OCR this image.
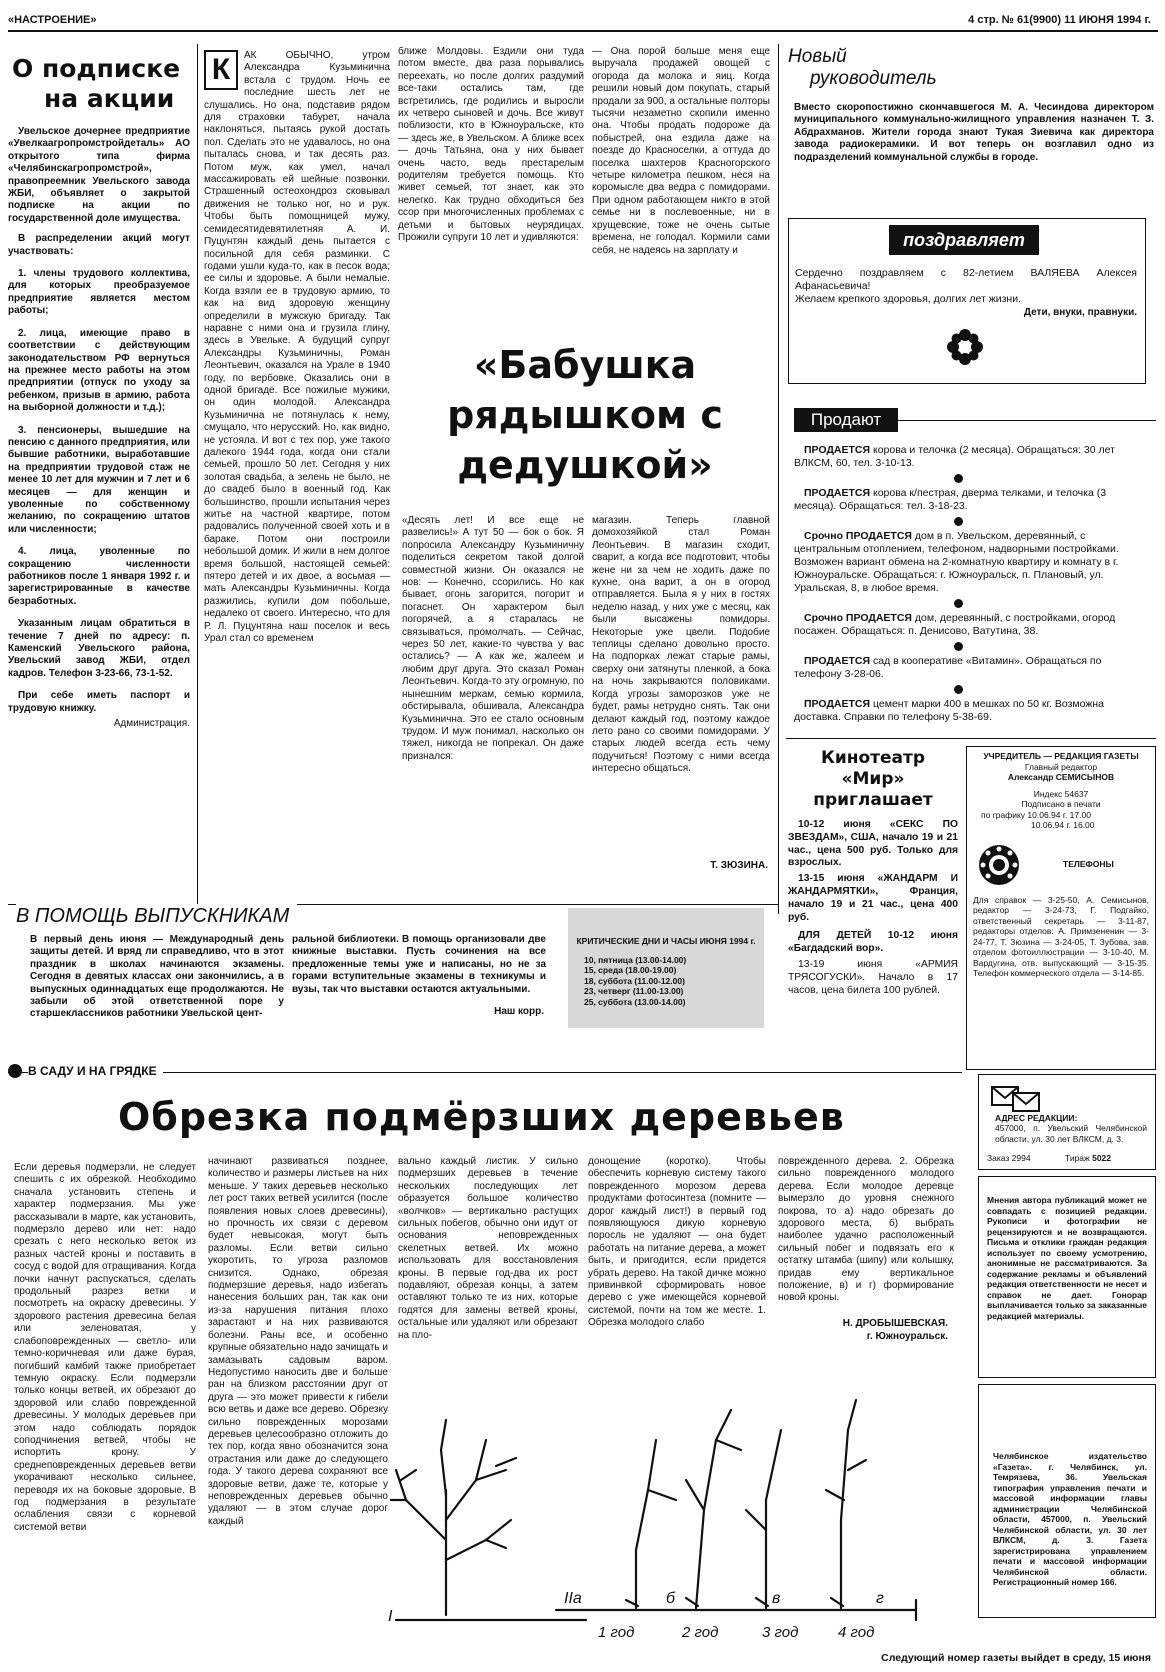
«НАСТРОЕНИЕ»	4 стр. № 61(9900) 11 ИЮНЯ 1994 г.
О подписке
на акции

Увельское дочернее предприятие «Увелкаагропромстройдеталь» АО открытого типа фирма «Челябинскагропромстрой», правопреемник Увельского завода ЖБИ, объявляет о закрытой подписке на акции по государственной доле имущества.

В распределении акций могут участвовать:

1. члены трудового коллектива, для которых преобразуемое предприятие является местом работы;

2. лица, имеющие право в соответствии с действующим законодательством РФ вернуться на прежнее место работы на этом предприятии (отпуск по уходу за ребенком, призыв в армию, работа на выборной должности и т.д.);

3. пенсионеры, вышедшие на пенсию с данного предприятия, или бывшие работники, выработавшие на предприятии трудовой стаж не менее 10 лет для мужчин и 7 лет и 6 месяцев — для женщин и уволенные по собственному желанию, по сокращению штатов или численности;

4. лица, уволенные по сокращению численности работников после 1 января 1992 г. и зарегистрированные в качестве безработных.

Указанным лицам обратиться в течение 7 дней по адресу: п. Каменский Увельского района, Увельский завод ЖБИ, отдел кадров. Телефон 3-23-66, 73-1-52.

При себе иметь паспорт и трудовую книжку.

Администрация.
К	АК ОБЫЧНО, утром Александра Кузьминична встала с трудом. Ночь ее последние шесть лет не слушались. Но она, подставив рядом для страховки табурет, начала наклоняться, пытаясь рукой достать пол. Сделать это не удавалось, но она пыталась снова, и так десять раз. Потом муж, как умел, начал массажировать ей шейные позвонки. Страшенный остеохондроз сковывал движения не только ног, но и рук. Чтобы быть помощницей мужу, семидесятидевятилетняя А. И. Пуцунтян каждый день пытается с посильной для себя разминки. С годами ушли куда-то, как в песок вода; ее силы и здоровье. А были немалые. Когда взяли ее в трудовую армию, то как на вид здоровую женщину определили в мужскую бригаду. Так наравне с ними она и грузила глину, здесь в Увельке. А будущий супруг Александры Кузьминичны, Роман Леонтьевич, оказался на Урале в 1940 году, по вербовке. Оказались они в одной бригаде. Все пожилые мужики, он один молодой. Александра Кузьминична не потянулась к нему, смущало, что нерусский. Но, как видно, не устояла. И вот с тех пор, уже такого далекого 1944 года, когда они стали семьей, прошло 50 лет. Сегодня у них золотая свадьба, а зелень не было, не до свадеб было в военный год. Как большинство, прошли испытания через житье на частной квартире, потом радовались полученной своей хоть и в бараке. Потом они построили небольшой домик. И жили в нем долгое время большой, настоящей семьей: пятеро детей и их двое, а восьмая — мать Александры Кузьминичны. Когда разжились, купили дом побольше, недалеко от своего. Интересно, что для Р. Л. Пуцунтяна наш поселок и весь Урал стал со временем
ближе Молдовы. Ездили они туда потом вместе, два раза порывались переехать, но после долгих раздумий все-таки остались там, где встретились, где родились и выросли их четверо сыновей и дочь. Все живут поблизости, кто в Южноуральске, кто — здесь же, в Увельском. А ближе всех — дочь Татьяна, она у них бывает очень часто, ведь престарелым родителям требуется помощь. Кто живет семьей, тот знает, как это нелегко. Как трудно обходиться без ссор при многочисленных проблемах с детьми и бытовых неурядицах. Прожили супруги 10 лет и удивляются:
— Она порой больше меня еще выручала продажей овощей с огорода да молока и яиц. Когда решили новый дом покупать, старый продали за 900, а остальные полторы тысячи незаметно скопили именно она. Чтобы продать подороже да побыстрей, она ездила даже на поезде до Красноселки, а оттуда до поселка шахтеров Красногорского четыре километра пешком, неся на коромысле два ведра с помидорами. При одном работающем никто в этой семье ни в послевоенные, ни в хрущевские, тоже не очень сытые времена, не голодал. Кормили сами себя, не надеясь на зарплату и
«Бабушка рядышком с дедушкой»
«Десять лет! И все еще не развелись!» А тут 50 — бок о бок. Я попросила Александру Кузьминичну поделиться секретом такой долгой совместной жизни. Он оказался не нов: — Конечно, ссорились. Но как бывает, огонь загорится, погорит и погаснет. Он характером был погорячей, а я старалась не связываться, промолчать. — Сейчас, через 50 лет, какие-то чувства у вас остались? — А как же, жалеем и любим друг друга. Это сказал Роман Леонтьевич. Когда-то эту огромную, по нынешним меркам, семью кормила, обстирывала, обшивала, Александра Кузьминична. Это ее стало основным трудом. И муж понимал, насколько он тяжел, никогда не попрекал. Он даже признался:
магазин. Теперь главной домохозяйкой стал Роман Леонтьевич. В магазин сходит, сварит, а когда все подготовит, чтобы жене ни за чем не ходить даже по кухне, она варит, а он в огород отправляется. Была я у них в гостях неделю назад, у них уже с месяц, как были высажены помидоры. Некоторые уже цвели. Подобие теплицы сделано довольно просто. На подпорках лежат старые рамы, сверху они затянуты пленкой, а бока на ночь закрываются половиками. Когда угрозы заморозков уже не будет, рамы нетрудно снять. Так они делают каждый год, поэтому каждое лето рано со своими помидорами. У старых людей всегда есть чему подучиться! Поэтому с ними всегда интересно общаться.
Т. ЗЮЗИНА.
Новый
руководитель
Вместо скоропостижно скончавшегося М. А. Чесиндова директором муниципального коммунально-жилищного управления назначен Т. З. Абдрахманов. Жители города знают Тукая Зиевича как директора завода радиокерамики. И вот теперь он возглавил одно из подразделений коммунальной службы в городе.
поздравляет
Сердечно поздравляем с 82-летием ВАЛЯЕВА Алексея Афанасьевича!
Желаем крепкого здоровья, долгих лет жизни.
Дети, внуки, правнуки.
Продают

ПРОДАЕТСЯ корова и телочка (2 месяца). Обращаться: 30 лет ВЛКСМ, 60, тел. 3-10-13.

ПРОДАЕТСЯ корова к/пестрая, дверма телками, и телочка (3 месяца). Обращаться: тел. 3-18-23.

Срочно ПРОДАЕТСЯ дом в п. Увельском, деревянный, с центральным отоплением, телефоном, надворными постройками. Возможен вариант обмена на 2-комнатную квартиру и комнату в г. Южноуральске. Обращаться: г. Южноуральск, п. Плановый, ул. Уральская, 8, в любое время.

Срочно ПРОДАЕТСЯ дом, деревянный, с постройками, огород посажен. Обращаться: п. Денисово, Ватутина, 38.

ПРОДАЕТСЯ сад в кооперативе «Витамин». Обращаться по телефону 3-28-06.

ПРОДАЕТСЯ цемент марки 400 в мешках по 50 кг. Возможна доставка. Справки по телефону 5-38-69.

Кинотеатр
«Мир»
приглашает

10-12 июня «СЕКС ПО ЗВЕЗДАМ», США, начало 19 и 21 час., цена 500 руб. Только для взрослых.

13-15 июня «ЖАНДАРМ И ЖАНДАРМЯТКИ», Франция, начало 19 и 21 час., цена 400 руб.

ДЛЯ ДЕТЕЙ 10-12 июня «Багдадский вор».

13-19 июня «АРМИЯ ТРЯСОГУСКИ». Начало в 17 часов, цена билета 100 рублей.

УЧРЕДИТЕЛЬ — РЕДАКЦИЯ ГАЗЕТЫ
Главный редактор
Александр СЕМИСЫНОВ
Индекс 54637
Подписано в печати
по графику 10.06.94 г. 17.00
10.06.94 г. 16.00
ТЕЛЕФОНЫ
Для справок — 3-25-50, А. Семисынов, редактор — 3-24-73, Г. Подгайко, ответственный секретарь — 3-11-87, редакторы отделов: А. Примзененин — 3-24-77, Т. Зюзина — 3-24-05, Т. Зубова, зав. отделом фотоиллюстрации — 3-10-40, М. Вардугина, отв. выпускающий — 3-15-35. Телефон коммерческого отдела — 3-14-85.
В ПОМОЩЬ ВЫПУСКНИКАМ
В первый день июня — Международный день защиты детей. И вряд ли справедливо, что в этот праздник в школах начинаются экзамены. Сегодня в девятых классах они закончились, а в выпускных одиннадцатых еще продолжаются. Не забыли об этой ответственной поре у старшеклассников работники Увельской цент-
ральной библиотеки. В помощь организовали две книжные выставки. Пусть сочинения на все предложенные темы уже и написаны, но не за горами вступительные экзамены в техникумы и вузы, так что выставки остаются актуальными.
Наш корр.
КРИТИЧЕСКИЕ ДНИ И ЧАСЫ ИЮНЯ 1994 г.
10, пятница (13.00-14.00)
15, среда (18.00-19.00)
18, суббота (11.00-12.00)
23, четверг (11.00-13.00)
25, суббота (13.00-14.00)
В САДУ И НА ГРЯДКЕ
Обрезка подмёрзших деревьев
Если деревья подмерзли, не следует спешить с их обрезкой. Необходимо сначала установить степень и характер подмерзания. Мы уже рассказывали в марте, как установить, подмерзло дерево или нет: надо срезать с него несколько веток из разных частей кроны и поставить в сосуд с водой для отращивания. Когда почки начнут распускаться, сделать продольный разрез ветки и посмотреть на окраску древесины. У здорового растения древесина белая или зеленоватая, у слабоповрежденных — светло- или темно-коричневая или даже бурая, погибший камбий также приобретает темную окраску. Если подмерзли только концы ветвей, их обрезают до здоровой или слабо поврежденной древесины. У молодых деревьев при этом надо соблюдать порядок соподчинения ветвей, чтобы не испортить крону. У среднеповрежденных деревьев ветви укорачивают несколько сильнее, переводя их на боковые здоровые. В год подмерзания в результате ослабления связи с корневой системой ветви
начинают развиваться позднее, количество и размеры листьев на них меньше. У таких деревьев несколько лет рост таких ветвей усилится (после появления новых слоев древесины), но прочность их связи с деревом будет невысокая, могут быть разломы. Если ветви сильно укоротить, то угроза разломов снизится. Однако, обрезая подмерзшие деревья, надо избегать нанесения больших ран, так как они из-за нарушения питания плохо зарастают и на них развиваются болезни. Раны все, и особенно крупные обязательно надо зачищать и замазывать садовым варом. Недопустимо наносить две и больше ран на близком расстоянии друг от друга — это может привести к гибели всю ветвь и даже все дерево. Обрезку сильно поврежденных морозами деревьев целесообразно отложить до тех пор, когда явно обозначится зона отрастания или даже до следующего года. У такого дерева сохраняют все здоровые ветви, даже те, которые у неповрежденных деревьев обычно удаляют — в этом случае дорог каждый
вально каждый листик. У сильно подмерзших деревьев в течение нескольких последующих лет образуется большое количество «волчков» — вертикально растущих сильных побегов, обычно они идут от основания неповрежденных скелетных ветвей. Их можно использовать для восстановления кроны. В первые год-два их рост подавляют, обрезая концы, а затем оставляют только те из них, которые годятся для замены ветвей кроны, остальные или удаляют или обрезают на пло-
донощение (коротко). Чтобы обеспечить корневую систему такого поврежденного морозом дерева продуктами фотосинтеза (помните — дорог каждый лист!) в первый год появляющуюся дикую корневую поросль не удаляют — она будет работать на питание дерева, а может быть, и пригодится, если придется убрать дерево. На такой дичке можно привинвкой сформировать новое дерево с уже имеющейся корневой системой, почти на том же месте. 1. Обрезка молодого слабо
поврежденного дерева. 2. Обрезка сильно поврежденного молодого дерева. Если молодое деревце вымерзло до уровня снежного покрова, то а) надо обрезать до здорового места, б) выбрать наиболее удачно расположенный сильный побег и подвязать его к остатку штамба (шипу) или колышку, придав ему вертикальное положение, в) и г) формирование новой кроны.
Н. ДРОБЫШЕВСКАЯ.
г. Южноуральск.
I
IIа	б	в	г
1 год	2 год	3 год	4 год
АДРЕС РЕДАКЦИИ:
457000, п. Увельский Челябинской области, ул. 30 лет ВЛКСМ, д. 3.
Заказ 2994	Тираж 5022
Мнения автора публикаций может не совпадать с позицией редакции. Рукописи и фотографии не рецензируются и не возвращаются. Письма и отклики граждан редакция использует по своему усмотрению, анонимные не рассматриваются. За содержание рекламы и объявлений редакция ответственности не несет и справок не дает. Гонорар выплачивается только за заказанные редакцией материалы.
Челябинское издательство «Газета». г. Челябинск, ул. Темрязева, 36. Увельская типография управления печати и массовой информации главы администрации Челябинской области, 457000, п. Увельский Челябинской области, ул. 30 лет ВЛКСМ, д. 3. Газета зарегистрирована управлением печати и массовой информации Челябинской области. Регистрационный номер 166.
Следующий номер газеты выйдет в среду, 15 июня
